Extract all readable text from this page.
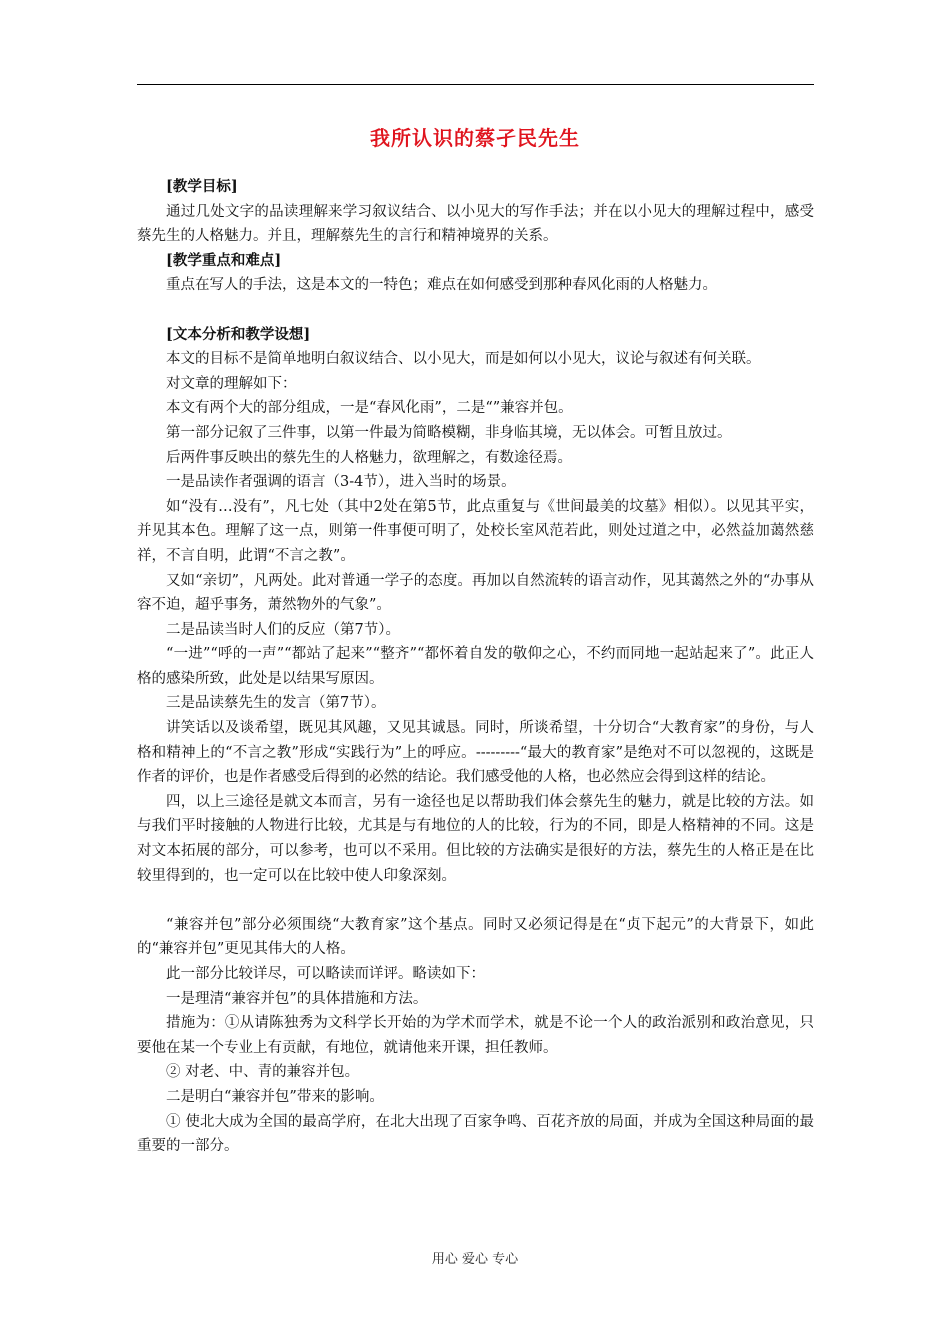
我所认识的蔡孑民先生

[教学目标]

通过几处文字的品读理解来学习叙议结合、以小见大的写作手法；并在以小见大的理解过程中，感受蔡先生的人格魅力。并且，理解蔡先生的言行和精神境界的关系。

[教学重点和难点]

重点在写人的手法，这是本文的一特色；难点在如何感受到那种春风化雨的人格魅力。

[文本分析和教学设想]

本文的目标不是简单地明白叙议结合、以小见大，而是如何以小见大，议论与叙述有何关联。

对文章的理解如下：

本文有两个大的部分组成，一是“春风化雨”，二是“”兼容并包。

第一部分记叙了三件事，以第一件最为简略模糊，非身临其境，无以体会。可暂且放过。

后两件事反映出的蔡先生的人格魅力，欲理解之，有数途径焉。

一是品读作者强调的语言（3-4节），进入当时的场景。

如“没有…没有”，凡七处（其中2处在第5节，此点重复与《世间最美的坟墓》相似）。以见其平实，并见其本色。理解了这一点，则第一件事便可明了，处校长室风范若此，则处过道之中，必然益加蔼然慈祥，不言自明，此谓“不言之教”。

又如“亲切”，凡两处。此对普通一学子的态度。再加以自然流转的语言动作，见其蔼然之外的“办事从容不迫，超乎事务，萧然物外的气象”。

二是品读当时人们的反应（第7节）。

“一进”“呼的一声”“都站了起来”“整齐”“都怀着自发的敬仰之心，不约而同地一起站起来了”。此正人格的感染所致，此处是以结果写原因。

三是品读蔡先生的发言（第7节）。

讲笑话以及谈希望，既见其风趣，又见其诚恳。同时，所谈希望，十分切合“大教育家”的身份，与人格和精神上的“不言之教”形成“实践行为”上的呼应。---------“最大的教育家”是绝对不可以忽视的，这既是作者的评价，也是作者感受后得到的必然的结论。我们感受他的人格，也必然应会得到这样的结论。

四，以上三途径是就文本而言，另有一途径也足以帮助我们体会蔡先生的魅力，就是比较的方法。如与我们平时接触的人物进行比较，尤其是与有地位的人的比较，行为的不同，即是人格精神的不同。这是对文本拓展的部分，可以参考，也可以不采用。但比较的方法确实是很好的方法，蔡先生的人格正是在比较里得到的，也一定可以在比较中使人印象深刻。

“兼容并包”部分必须围绕“大教育家”这个基点。同时又必须记得是在“贞下起元”的大背景下，如此的“兼容并包”更见其伟大的人格。

此一部分比较详尽，可以略读而详评。略读如下：

一是理清“兼容并包”的具体措施和方法。

措施为：①从请陈独秀为文科学长开始的为学术而学术，就是不论一个人的政治派别和政治意见，只要他在某一个专业上有贡献，有地位，就请他来开课，担任教师。

② 对老、中、青的兼容并包。

二是明白“兼容并包”带来的影响。

① 使北大成为全国的最高学府，在北大出现了百家争鸣、百花齐放的局面，并成为全国这种局面的最重要的一部分。

用心 爱心 专心
